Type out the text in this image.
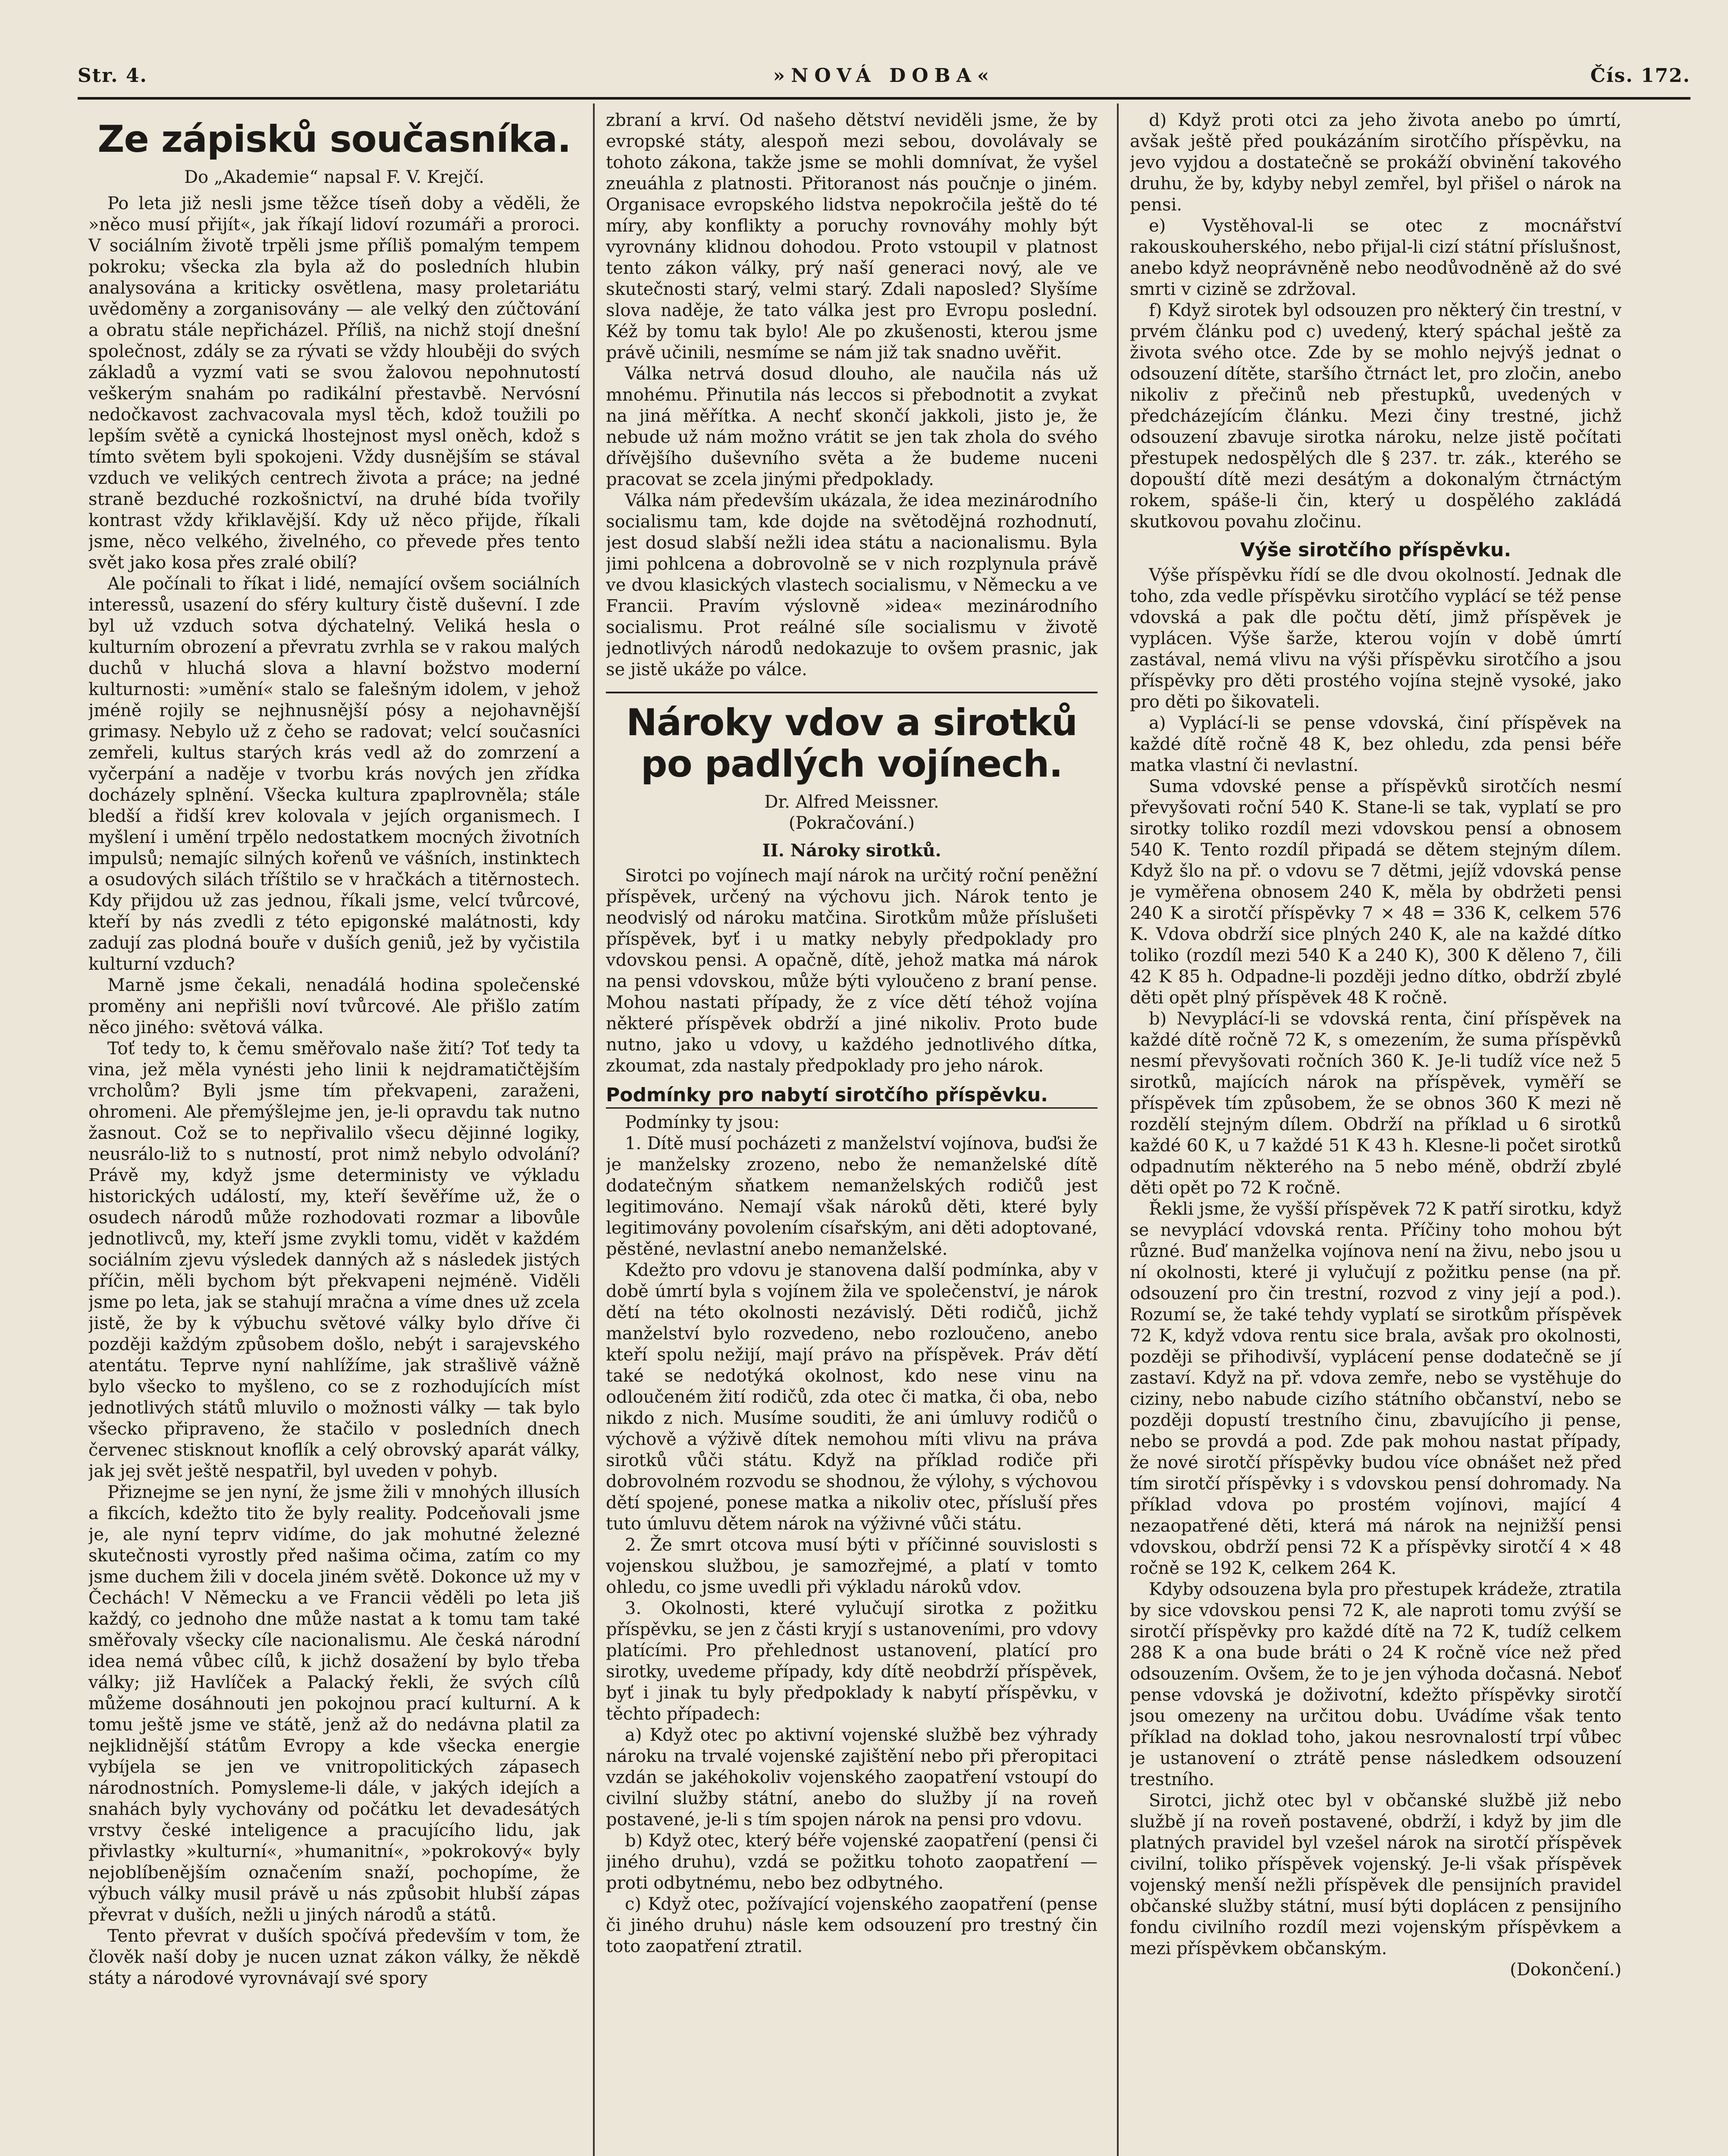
Str. 4.	»NOVÁ DOBA«	Čís. 172.
Ze zápisků současníka.
Do „Akademie“ napsal F. V. Krejčí.

Po leta již nesli jsme těžce tíseň doby a věděli, že »něco musí přijít«, jak říkají lidoví rozumáři a proroci. V sociálním životě trpěli jsme příliš pomalým tempem pokroku; všecka zla byla až do posledních hlubin analysována a kriticky osvětlena, masy proletariátu uvědoměny a zorganisovány — ale velký den zúčtování a obratu stále nepřicházel. Příliš, na nichž stojí dnešní společnost, zdály se za rývati se vždy hlouběji do svých základů a vyzmí vati se svou žalovou nepohnutostí veškerým snahám po radikální přestavbě. Nervósní nedočkavost zachvacovala mysl těch, kdož toužili po lepším světě a cynická lhostejnost mysl oněch, kdož s tímto světem byli spokojeni. Vždy dusnějším se stával vzduch ve velikých centrech života a práce; na jedné straně bezduché rozkošnictví, na druhé bída tvořily kontrast vždy křiklavější. Kdy už něco přijde, říkali jsme, něco velkého, živelného, co převede přes tento svět jako kosa přes zralé obilí?

Ale počínali to říkat i lidé, nemající ovšem sociálních interessů, usazení do sféry kultury čistě duševní. I zde byl už vzduch sotva dýchatelný. Veliká hesla o kulturním obrození a převratu zvrhla se v rakou malých duchů v hluchá slova a hlavní božstvo moderní kulturnosti: »umění« stalo se falešným idolem, v jehož jméně rojily se nejhnusnější pósy a nejohavnější grimasy. Nebylo už z čeho se radovat; velcí současníci zemřeli, kultus starých krás vedl až do zomrzení a vyčerpání a naděje v tvorbu krás nových jen zřídka docházely splnění. Všecka kultura zpaplrovněla; stále bledší a řidší krev kolovala v jejích organismech. I myšlení i umění trpělo nedostatkem mocných životních impulsů; nemajíc silných kořenů ve vášních, instinktech a osudových silách tříštilo se v hračkách a titěrnostech. Kdy přijdou už zas jednou, říkali jsme, velcí tvůrcové, kteří by nás zvedli z této epigonské malátnosti, kdy zadují zas plodná bouře v duších geniů, jež by vyčistila kulturní vzduch?

Marně jsme čekali, nenadálá hodina společenské proměny ani nepřišli noví tvůrcové. Ale přišlo zatím něco jiného: světová válka.

Toť tedy to, k čemu směřovalo naše žití? Toť tedy ta vina, jež měla vynésti jeho linii k nejdramatičtějším vrcholům? Byli jsme tím překvapeni, zaraženi, ohromeni. Ale přemýšlejme jen, je-li opravdu tak nutno žasnout. Což se to nepřivalilo všecu dějinné logiky, neusrálo-liž to s nutností, prot nimž nebylo odvolání? Právě my, když jsme deterministy ve výkladu historických událostí, my, kteří ševěříme už, že o osudech národů může rozhodovati rozmar a libovůle jednotlivců, my, kteří jsme zvykli tomu, vidět v každém sociálním zjevu výsledek danných až s následek jistých příčin, měli bychom být překvapeni nejméně. Viděli jsme po leta, jak se stahují mračna a víme dnes už zcela jistě, že by k výbuchu světové války bylo dříve či později každým způsobem došlo, nebýt i sarajevského atentátu. Teprve nyní nahlížíme, jak strašlivě vážně bylo všecko to myšleno, co se z rozhodujících míst jednotlivých států mluvilo o možnosti války — tak bylo všecko připraveno, že stačilo v posledních dnech červenec stisknout knoflík a celý obrovský aparát války, jak jej svět ještě nespatřil, byl uveden v pohyb.

Přiznejme se jen nyní, že jsme žili v mnohých illusích a fikcích, kdežto tito že byly reality. Podceňovali jsme je, ale nyní teprv vidíme, do jak mohutné železné skutečnosti vyrostly před našima očima, zatím co my jsme duchem žili v docela jiném světě. Dokonce už my v Čechách! V Německu a ve Francii věděli po leta jiš každý, co jednoho dne může nastat a k tomu tam také směřovaly všecky cíle nacionalismu. Ale česká národní idea nemá vůbec cílů, k jichž dosažení by bylo třeba války; již Havlíček a Palacký řekli, že svých cílů můžeme dosáhnouti jen pokojnou prací kulturní. A k tomu ještě jsme ve státě, jenž až do nedávna platil za nejklidnější státům Evropy a kde všecka energie vybíjela se jen ve vnitropolitických zápasech národnostních. Pomysleme-li dále, v jakých idejích a snahách byly vychovány od počátku let devadesátých vrstvy české inteligence a pracujícího lidu, jak přivlastky »kulturní«, »humanitní«, »pokrokový« byly nejoblíbenějším označením snaží, pochopíme, že výbuch války musil právě u nás způsobit hlubší zápas převrat v duších, nežli u jiných národů a států.

Tento převrat v duších spočívá především v tom, že člověk naší doby je nucen uznat zákon války, že někdě státy a národové vyrovnávají své spory

zbraní a krví. Od našeho dětství neviděli jsme, že by evropské státy, alespoň mezi sebou, dovolávaly se tohoto zákona, takže jsme se mohli domnívat, že vyšel zneuáhla z platnosti. Přitoranost nás poučnje o jiném. Organisace evropského lidstva nepokročila ještě do té míry, aby konflikty a poruchy rovnováhy mohly být vyrovnány klidnou dohodou. Proto vstoupil v platnost tento zákon války, prý naší generaci nový, ale ve skutečnosti starý, velmi starý. Zdali naposled? Slyšíme slova naděje, že tato válka jest pro Evropu poslední. Kéž by tomu tak bylo! Ale po zkušenosti, kterou jsme právě učinili, nesmíme se nám již tak snadno uvěřit.

Válka netrvá dosud dlouho, ale naučila nás už mnohému. Přinutila nás leccos si přebodnotit a zvykat na jiná měřítka. A nechť skončí jakkoli, jisto je, že nebude už nám možno vrátit se jen tak zhola do svého dřívějšího duševního světa a že budeme nuceni pracovat se zcela jinými předpoklady.

Válka nám především ukázala, že idea mezinárodního socialismu tam, kde dojde na světodějná rozhodnutí, jest dosud slabší nežli idea státu a nacionalismu. Byla jimi pohlcena a dobrovolně se v nich rozplynula právě ve dvou klasických vlastech socialismu, v Německu a ve Francii. Pravím výslovně »idea« mezinárodního socialismu. Prot reálné síle socialismu v životě jednotlivých národů nedokazuje to ovšem prasnic, jak se jistě ukáže po válce.

Nároky vdov a sirotků po padlých vojínech.
Dr. Alfred Meissner.
(Pokračování.)
II. Nároky sirotků.

Sirotci po vojínech mají nárok na určitý roční peněžní příspěvek, určený na výchovu jich. Nárok tento je neodvislý od nároku matčina. Sirotkům může příslušeti příspěvek, byť i u matky nebyly předpoklady pro vdovskou pensi. A opačně, dítě, jehož matka má nárok na pensi vdovskou, může býti vyloučeno z braní pense. Mohou nastati případy, že z více dětí téhož vojína některé příspěvek obdrží a jiné nikoliv. Proto bude nutno, jako u vdovy, u každého jednotlivého dítka, zkoumat, zda nastaly předpoklady pro jeho nárok.

Podmínky pro nabytí sirotčího příspěvku.

Podmínky ty jsou:

1. Dítě musí pocházeti z manželství vojínova, buďsi že je manželsky zrozeno, nebo že nemanželské dítě dodatečným sňatkem nemanželských rodičů jest legitimováno. Nemají však nároků děti, které byly legitimovány povolením císařským, ani děti adoptované, pěstěné, nevlastní anebo nemanželské.

Kdežto pro vdovu je stanovena další podmínka, aby v době úmrtí byla s vojínem žila ve společenství, je nárok dětí na této okolnosti nezávislý. Děti rodičů, jichž manželství bylo rozvedeno, nebo rozloučeno, anebo kteří spolu nežijí, mají právo na příspěvek. Práv dětí také se nedotýká okolnost, kdo nese vinu na odloučeném žití rodičů, zda otec či matka, či oba, nebo nikdo z nich. Musíme souditi, že ani úmluvy rodičů o výchově a výživě dítek nemohou míti vlivu na práva sirotků vůči státu. Když na příklad rodiče při dobrovolném rozvodu se shodnou, že výlohy, s výchovou dětí spojené, ponese matka a nikoliv otec, přísluší přes tuto úmluvu dětem nárok na výživné vůči státu.

2. Že smrt otcova musí býti v příčinné souvislosti s vojenskou službou, je samozřejmé, a platí v tomto ohledu, co jsme uvedli při výkladu nároků vdov.

3. Okolnosti, které vylučují sirotka z požitku příspěvku, se jen z části kryjí s ustanoveními, pro vdovy platícími. Pro přehlednost ustanovení, platící pro sirotky, uvedeme případy, kdy dítě neobdrží příspěvek, byť i jinak tu byly předpoklady k nabytí příspěvku, v těchto případech:

a) Když otec po aktivní vojenské službě bez výhrady nároku na trvalé vojenské zajištění nebo při přeropitaci vzdán se jakéhokoliv vojenského zaopatření vstoupí do civilní služby státní, anebo do služby jí na roveň postavené, je-li s tím spojen nárok na pensi pro vdovu.

b) Když otec, který béře vojenské zaopatření (pensi či jiného druhu), vzdá se požitku tohoto zaopatření — proti odbytnému, nebo bez odbytného.

c) Když otec, požívající vojenského zaopatření (pense či jiného druhu) násle kem odsouzení pro trestný čin toto zaopatření ztratil.

d) Když proti otci za jeho života anebo po úmrtí, avšak ještě před poukázáním sirotčího příspěvku, na jevo vyjdou a dostatečně se prokáží obvinění takového druhu, že by, kdyby nebyl zemřel, byl přišel o nárok na pensi.

e) Vystěhoval-li se otec z mocnářství rakouskouherského, nebo přijal-li cizí státní příslušnost, anebo když neoprávněně nebo neodůvodněně až do své smrti v cizině se zdržoval.

f) Když sirotek byl odsouzen pro některý čin trestní, v prvém článku pod c) uvedený, který spáchal ještě za života svého otce. Zde by se mohlo nejvýš jednat o odsouzení dítěte, staršího čtrnáct let, pro zločin, anebo nikoliv z přečinů neb přestupků, uvedených v předcházejícím článku. Mezi činy trestné, jichž odsouzení zbavuje sirotka nároku, nelze jistě počítati přestupek nedospělých dle § 237. tr. zák., kterého se dopouští dítě mezi desátým a dokonalým čtrnáctým rokem, spáše-li čin, který u dospělého zakládá skutkovou povahu zločinu.

Výše sirotčího příspěvku.

Výše příspěvku řídí se dle dvou okolností. Jednak dle toho, zda vedle příspěvku sirotčího vyplácí se též pense vdovská a pak dle počtu dětí, jimž příspěvek je vyplácen. Výše šarže, kterou vojín v době úmrtí zastával, nemá vlivu na výši příspěvku sirotčího a jsou příspěvky pro děti prostého vojína stejně vysoké, jako pro děti po šikovateli.

a) Vyplácí-li se pense vdovská, činí příspěvek na každé dítě ročně 48 K, bez ohledu, zda pensi béře matka vlastní či nevlastní.

Suma vdovské pense a příspěvků sirotčích nesmí převyšovati roční 540 K. Stane-li se tak, vyplatí se pro sirotky toliko rozdíl mezi vdovskou pensí a obnosem 540 K. Tento rozdíl připadá se dětem stejným dílem. Když šlo na př. o vdovu se 7 dětmi, jejíž vdovská pense je vyměřena obnosem 240 K, měla by obdržeti pensi 240 K a sirotčí příspěvky 7 × 48 = 336 K, celkem 576 K. Vdova obdrží sice plných 240 K, ale na každé dítko toliko (rozdíl mezi 540 K a 240 K), 300 K děleno 7, čili 42 K 85 h. Odpadne-li později jedno dítko, obdrží zbylé děti opět plný příspěvek 48 K ročně.

b) Nevyplácí-li se vdovská renta, činí příspěvek na každé dítě ročně 72 K, s omezením, že suma příspěvků nesmí převyšovati ročních 360 K. Je-li tudíž více než 5 sirotků, majících nárok na příspěvek, vyměří se příspěvek tím způsobem, že se obnos 360 K mezi ně rozdělí stejným dílem. Obdrží na příklad u 6 sirotků každé 60 K, u 7 každé 51 K 43 h. Klesne-li počet sirotků odpadnutím některého na 5 nebo méně, obdrží zbylé děti opět po 72 K ročně.

Řekli jsme, že vyšší příspěvek 72 K patří sirotku, když se nevyplácí vdovská renta. Příčiny toho mohou být různé. Buď manželka vojínova není na živu, nebo jsou u ní okolnosti, které ji vylučují z požitku pense (na př. odsouzení pro čin trestní, rozvod z viny její a pod.). Rozumí se, že také tehdy vyplatí se sirotkům příspěvek 72 K, když vdova rentu sice brala, avšak pro okolnosti, později se přihodivší, vyplácení pense dodatečně se jí zastaví. Když na př. vdova zemře, nebo se vystěhuje do ciziny, nebo nabude cizího státního občanství, nebo se později dopustí trestního činu, zbavujícího ji pense, nebo se provdá a pod. Zde pak mohou nastat případy, že nové sirotčí příspěvky budou více obnášet než před tím sirotčí příspěvky i s vdovskou pensí dohromady. Na příklad vdova po prostém vojínovi, mající 4 nezaopatřené děti, která má nárok na nejnižší pensi vdovskou, obdrží pensi 72 K a příspěvky sirotčí 4 × 48 ročně se 192 K, celkem 264 K.

Kdyby odsouzena byla pro přestupek krádeže, ztratila by sice vdovskou pensi 72 K, ale naproti tomu zvýší se sirotčí příspěvky pro každé dítě na 72 K, tudíž celkem 288 K a ona bude bráti o 24 K ročně více než před odsouzením. Ovšem, že to je jen výhoda dočasná. Neboť pense vdovská je doživotní, kdežto příspěvky sirotčí jsou omezeny na určitou dobu. Uvádíme však tento příklad na doklad toho, jakou nesrovnalostí trpí vůbec je ustanovení o ztrátě pense následkem odsouzení trestního.

Sirotci, jichž otec byl v občanské službě již nebo službě jí na roveň postavené, obdrží, i když by jim dle platných pravidel byl vzešel nárok na sirotčí příspěvek civilní, toliko příspěvek vojenský. Je-li však příspěvek vojenský menší nežli příspěvek dle pensijních pravidel občanské služby státní, musí býti doplácen z pensijního fondu civilního rozdíl mezi vojenským příspěvkem a mezi příspěvkem občanským.

(Dokončení.)
